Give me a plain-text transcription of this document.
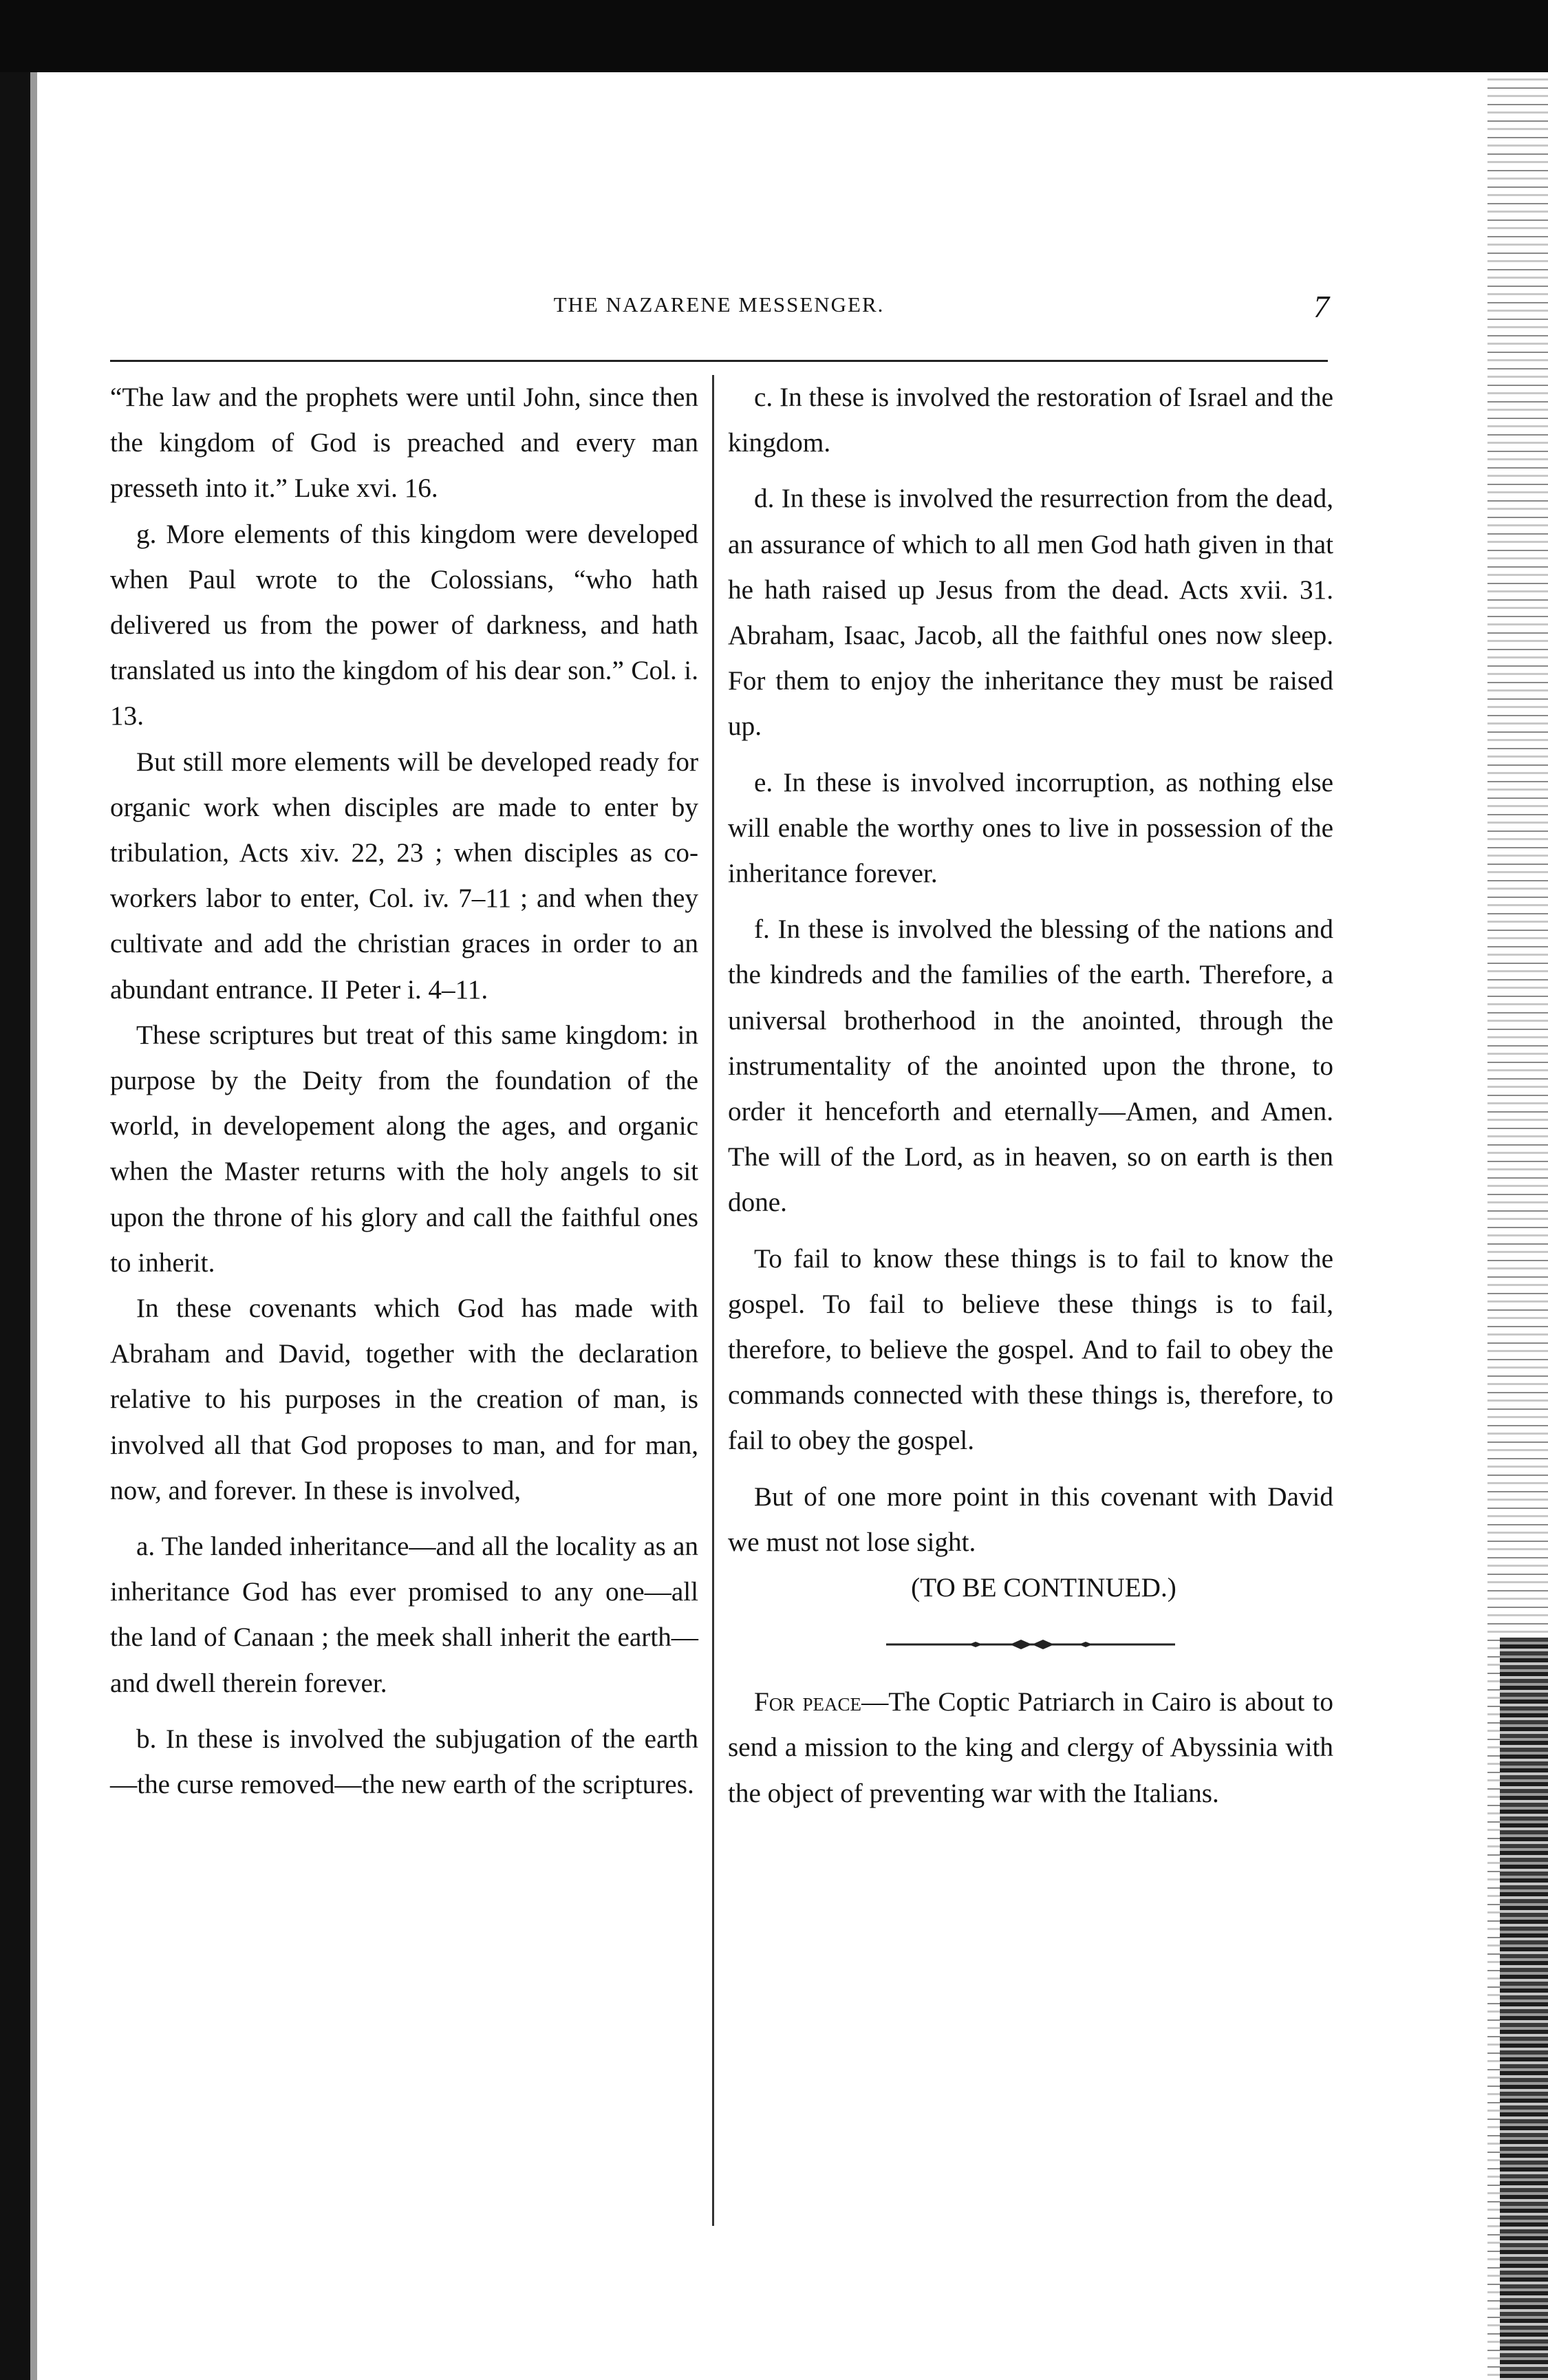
THE NAZARENE MESSENGER.	7

“The law and the prophets were until John, since then the kingdom of God is preached and every man presseth into it.” Luke xvi. 16.

g. More elements of this kingdom were developed when Paul wrote to the Colossians, “who hath delivered us from the power of darkness, and hath translated us into the kingdom of his dear son.” Col. i. 13.

But still more elements will be developed ready for organic work when disciples are made to enter by tribulation, Acts xiv. 22, 23 ; when disciples as co-workers labor to enter, Col. iv. 7–11 ; and when they cultivate and add the christian graces in order to an abundant entrance. II Peter i. 4–11.

These scriptures but treat of this same kingdom: in purpose by the Deity from the foundation of the world, in developement along the ages, and organic when the Master returns with the holy angels to sit upon the throne of his glory and call the faithful ones to inherit.

In these covenants which God has made with Abraham and David, together with the declaration relative to his purposes in the creation of man, is involved all that God proposes to man, and for man, now, and forever. In these is involved,

a. The landed inheritance—and all the locality as an inheritance God has ever promised to any one—all the land of Canaan ; the meek shall inherit the earth—and dwell therein forever.

b. In these is involved the subjugation of the earth—the curse removed—the new earth of the scriptures.

c. In these is involved the restoration of Israel and the kingdom.

d. In these is involved the resurrection from the dead, an assurance of which to all men God hath given in that he hath raised up Jesus from the dead. Acts xvii. 31. Abraham, Isaac, Jacob, all the faithful ones now sleep. For them to enjoy the inheritance they must be raised up.

e. In these is involved incorruption, as nothing else will enable the worthy ones to live in possession of the inheritance forever.

f. In these is involved the blessing of the nations and the kindreds and the families of the earth. Therefore, a universal brotherhood in the anointed, through the instrumentality of the anointed upon the throne, to order it henceforth and eternally—Amen, and Amen. The will of the Lord, as in heaven, so on earth is then done.

To fail to know these things is to fail to know the gospel. To fail to believe these things is to fail, therefore, to believe the gospel. And to fail to obey the commands connected with these things is, therefore, to fail to obey the gospel.

But of one more point in this covenant with David we must not lose sight.

(TO BE CONTINUED.)

For peace—The Coptic Patriarch in Cairo is about to send a mission to the king and clergy of Abyssinia with the object of preventing war with the Italians.
